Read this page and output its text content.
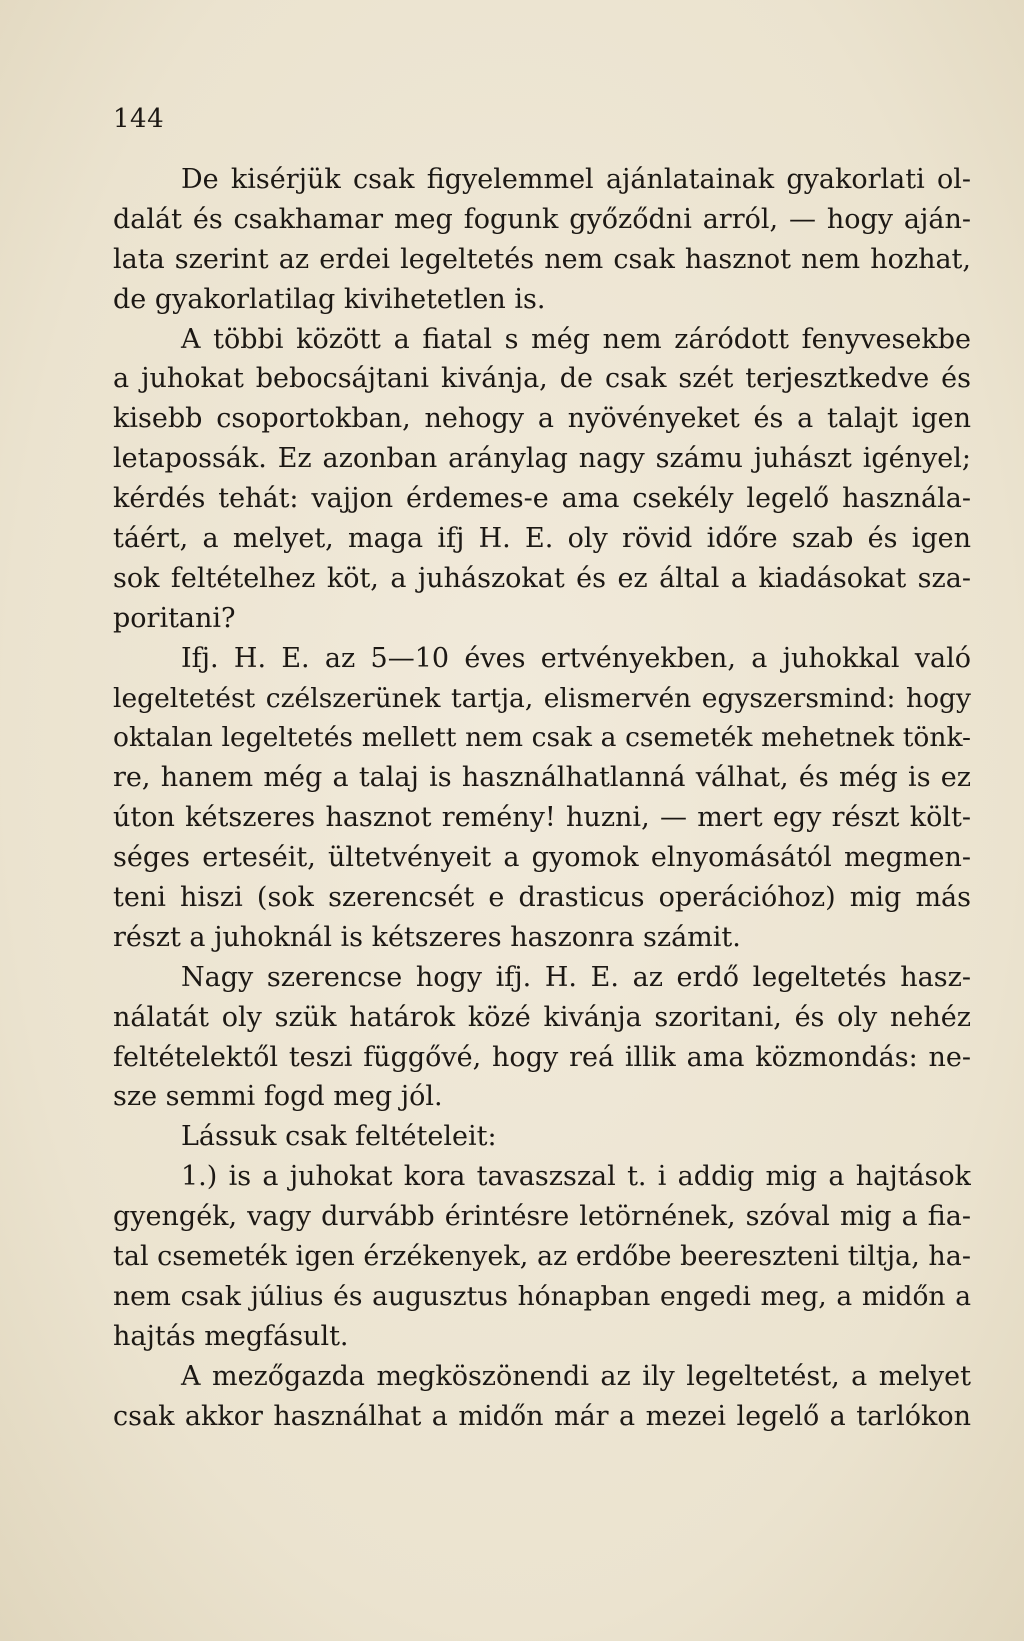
144
De kisérjük csak figyelemmel ajánlatainak gyakorlati ol-
dalát és csakhamar meg fogunk győződni arról, — hogy aján-
lata szerint az erdei legeltetés nem csak hasznot nem hozhat,
de gyakorlatilag kivihetetlen is.
A többi között a fiatal s még nem záródott fenyvesekbe
a juhokat bebocsájtani kivánja, de csak szét terjesztkedve és
kisebb csoportokban, nehogy a nyövényeket és a talajt igen
letapossák. Ez azonban aránylag nagy számu juhászt igényel;
kérdés tehát: vajjon érdemes-e ama csekély legelő használa-
táért, a melyet, maga ifj H. E. oly rövid időre szab és igen
sok feltételhez köt, a juhászokat és ez által a kiadásokat sza-
poritani?
Ifj. H. E. az 5—10 éves ertvényekben, a juhokkal való
legeltetést czélszerünek tartja, elismervén egyszersmind: hogy
oktalan legeltetés mellett nem csak a csemeték mehetnek tönk-
re, hanem még a talaj is használhatlanná válhat, és még is ez
úton kétszeres hasznot remény! huzni, — mert egy részt költ-
séges erteséit, ültetvényeit a gyomok elnyomásától megmen-
teni hiszi (sok szerencsét e drasticus operációhoz) mig más
részt a juhoknál is kétszeres haszonra számit.
Nagy szerencse hogy ifj. H. E. az erdő legeltetés hasz-
nálatát oly szük határok közé kivánja szoritani, és oly nehéz
feltételektől teszi függővé, hogy reá illik ama közmondás: ne-
sze semmi fogd meg jól.
Lássuk csak feltételeit:
1.) is a juhokat kora tavaszszal t. i addig mig a hajtások
gyengék, vagy durvább érintésre letörnének, szóval mig a fia-
tal csemeték igen érzékenyek, az erdőbe beereszteni tiltja, ha-
nem csak július és augusztus hónapban engedi meg, a midőn a
hajtás megfásult.
A mezőgazda megköszönendi az ily legeltetést, a melyet
csak akkor használhat a midőn már a mezei legelő a tarlókon
